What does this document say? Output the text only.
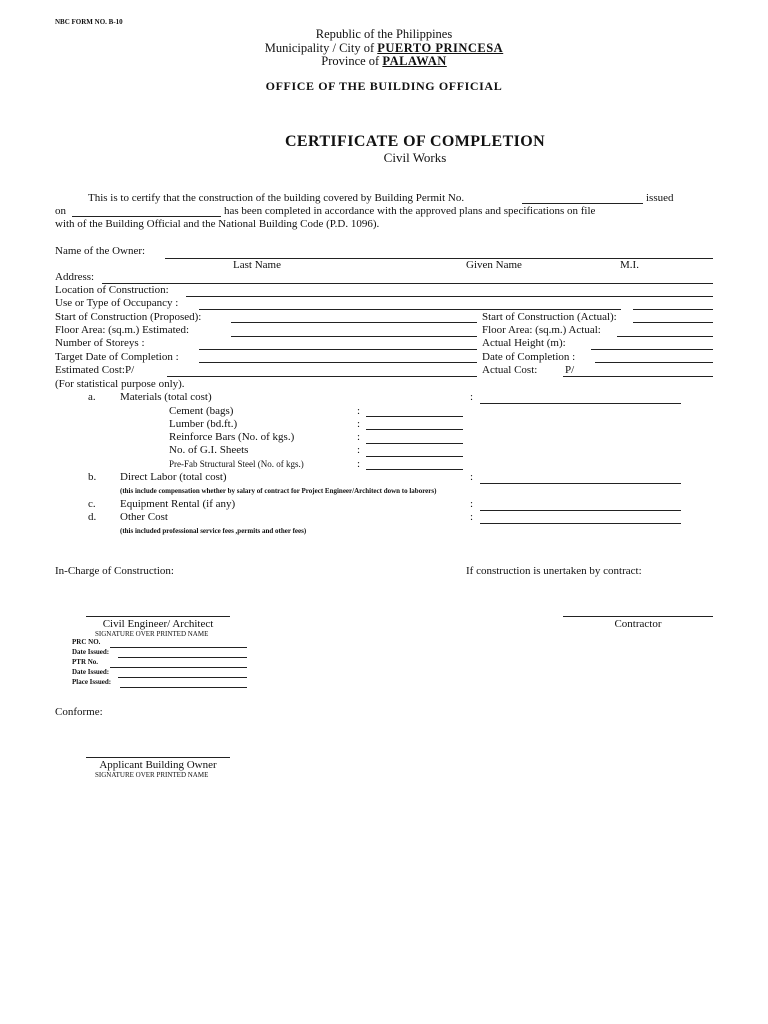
NBC FORM NO. B-10
Republic of the Philippines
Municipality / City of PUERTO PRINCESA
Province of PALAWAN
OFFICE OF THE BUILDING OFFICIAL
CERTIFICATE OF COMPLETION
Civil Works
This is to certify that the construction of the building covered by Building Permit No.	issued
on	has been completed in accordance with the approved plans and specifications on file
with of the Building Official and the National Building Code (P.D. 1096).
Name of the Owner:
Last Name	Given Name	M.I.
Address:
Location of Construction:
Use or Type of Occupancy :
Start of Construction (Proposed):	Start of Construction (Actual):
Floor Area: (sq.m.) Estimated:	Floor Area: (sq.m.) Actual:
Number of Storeys :	Actual Height (m):
Target Date of Completion :	Date of Completion :
Estimated Cost:P/	Actual Cost:	P/
(For statistical purpose only).
a. Materials (total cost)	:
Cement (bags)	:
Lumber (bd.ft.)	:
Reinforce Bars (No. of kgs.)	:
No. of G.I. Sheets	:
Pre-Fab Structural Steel (No. of kgs.)	:
b. Direct Labor (total cost)	:
(this include compensation whether by salary of contract for Project Engineer/Architect down to laborers)
c. Equipment Rental (if any)	:
d. Other Cost	:
(this included professional service fees ,permits and other fees)
In-Charge of Construction:	If construction is unertaken by contract:
Civil Engineer/ Architect
SIGNATURE OVER PRINTED NAME
Contractor
PRC NO.
Date Issued:
PTR No.
Date Issued:
Place Issued:
Conforme:
Applicant Building Owner
SIGNATURE OVER PRINTED NAME
